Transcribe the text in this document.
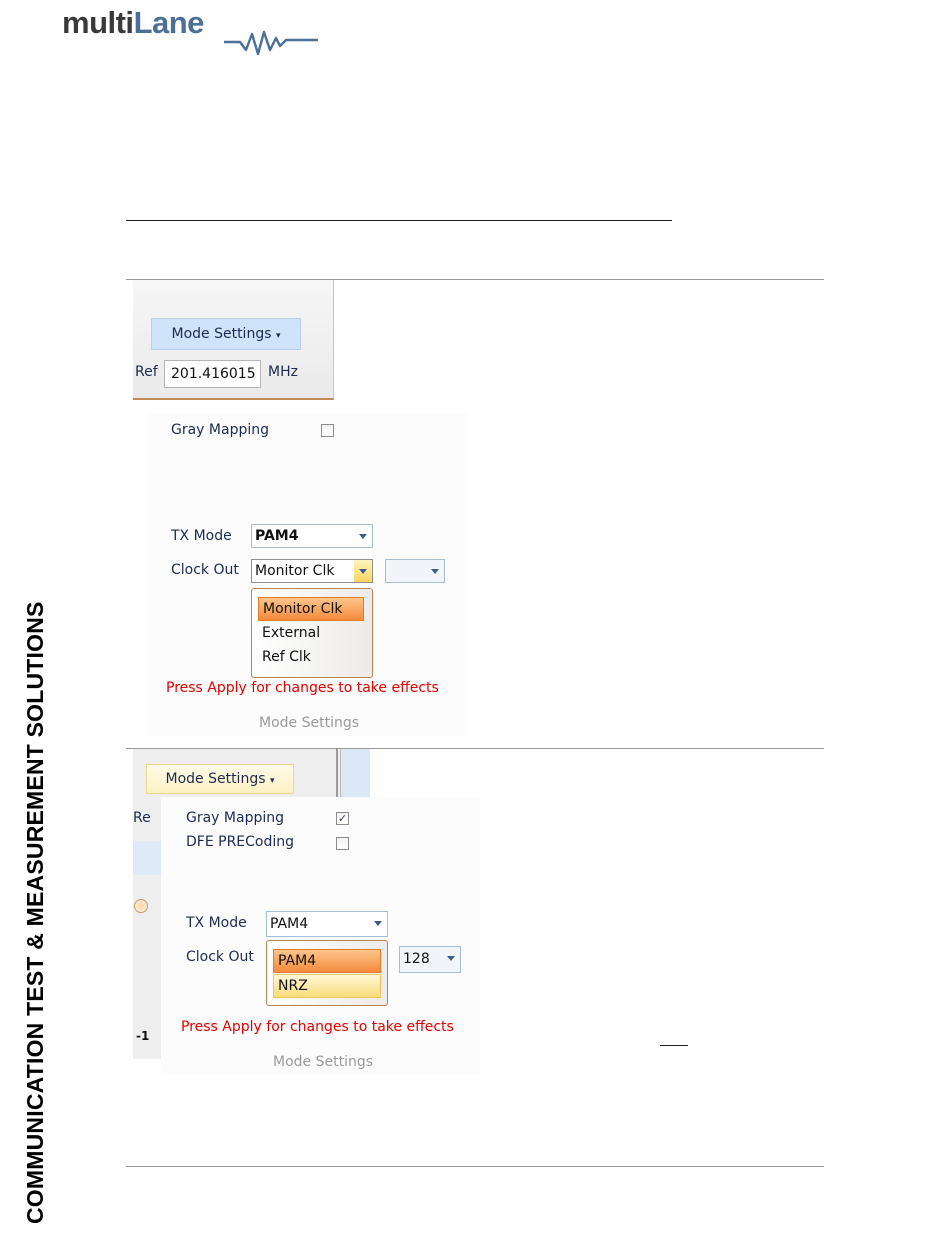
multiLane
COMMUNICATION TEST & MEASUREMENT SOLUTIONS
Mode Settings ▾
Ref 201.416015 MHz
Gray Mapping
TX Mode PAM4
Clock Out Monitor Clk
Monitor Clk
External
Ref Clk
Press Apply for changes to take effects
Mode Settings
Mode Settings ▾
Re
-1
Gray Mapping	✓
DFE PRECoding
TX Mode PAM4
Clock Out	PAM4
NRZ
128
Press Apply for changes to take effects
Mode Settings
